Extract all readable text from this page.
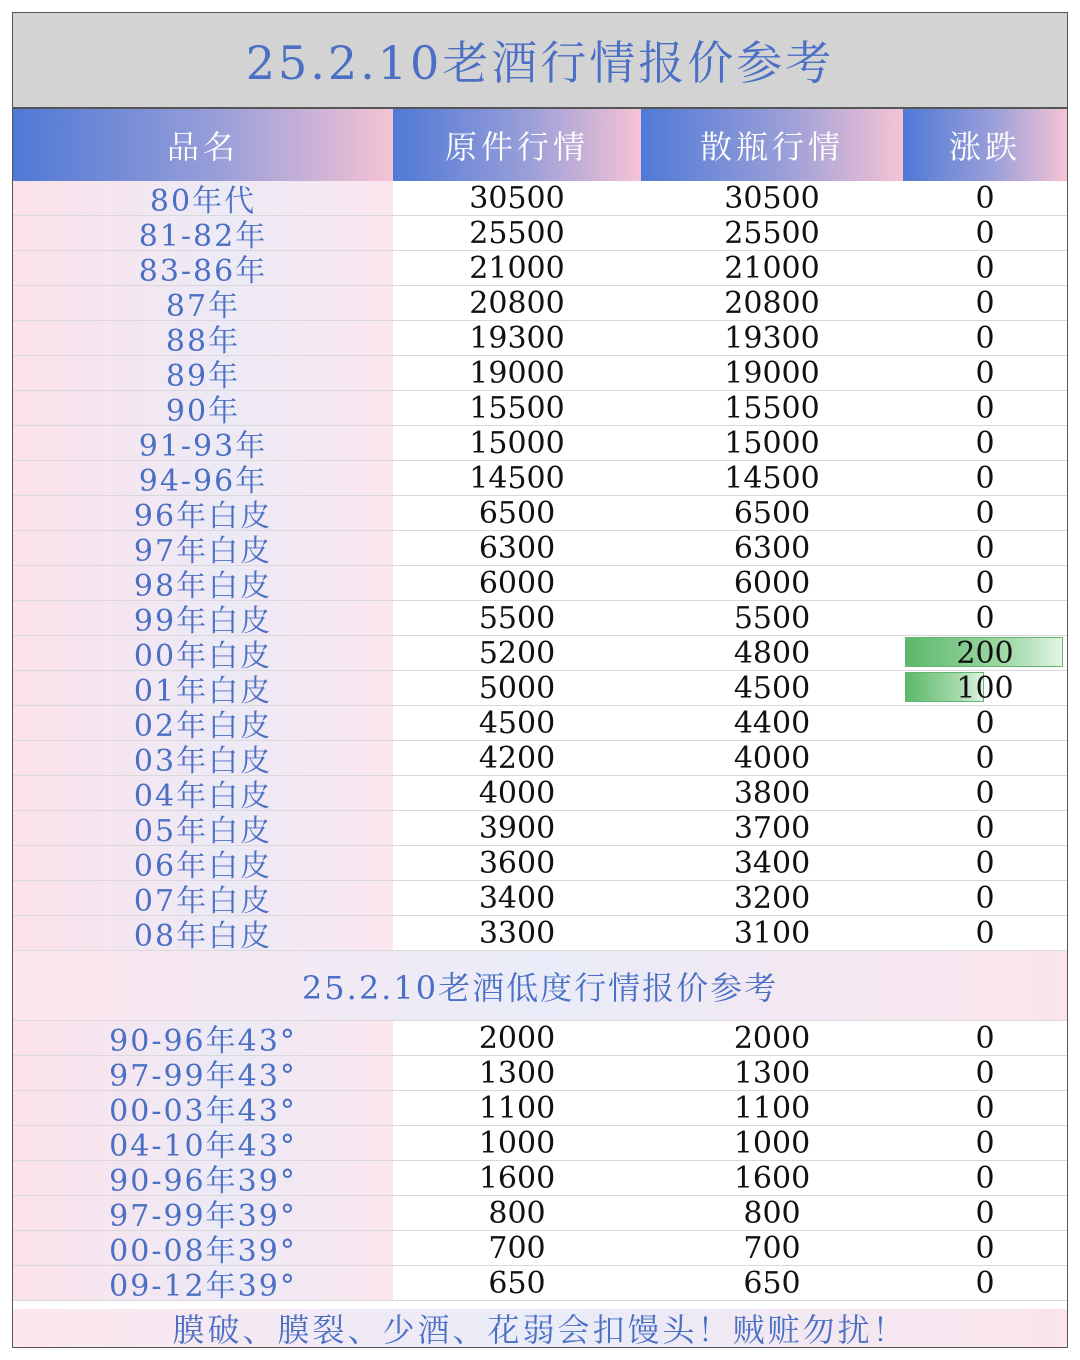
25.2.10老酒行情报价参考
品名	原件行情	散瓶行情	涨跌
80年代	30500	30500	0
81-82年	25500	25500	0
83-86年	21000	21000	0
87年	20800	20800	0
88年	19300	19300	0
89年	19000	19000	0
90年	15500	15500	0
91-93年	15000	15000	0
94-96年	14500	14500	0
96年白皮	6500	6500	0
97年白皮	6300	6300	0
98年白皮	6000	6000	0
99年白皮	5500	5500	0
00年白皮	5200	4800	200
01年白皮	5000	4500	100
02年白皮	4500	4400	0
03年白皮	4200	4000	0
04年白皮	4000	3800	0
05年白皮	3900	3700	0
06年白皮	3600	3400	0
07年白皮	3400	3200	0
08年白皮	3300	3100	0
25.2.10老酒低度行情报价参考
90-96年43°	2000	2000	0
97-99年43°	1300	1300	0
00-03年43°	1100	1100	0
04-10年43°	1000	1000	0
90-96年39°	1600	1600	0
97-99年39°	800	800	0
00-08年39°	700	700	0
09-12年39°	650	650	0
膜破、膜裂、少酒、花弱会扣馒头！贼赃勿扰！
